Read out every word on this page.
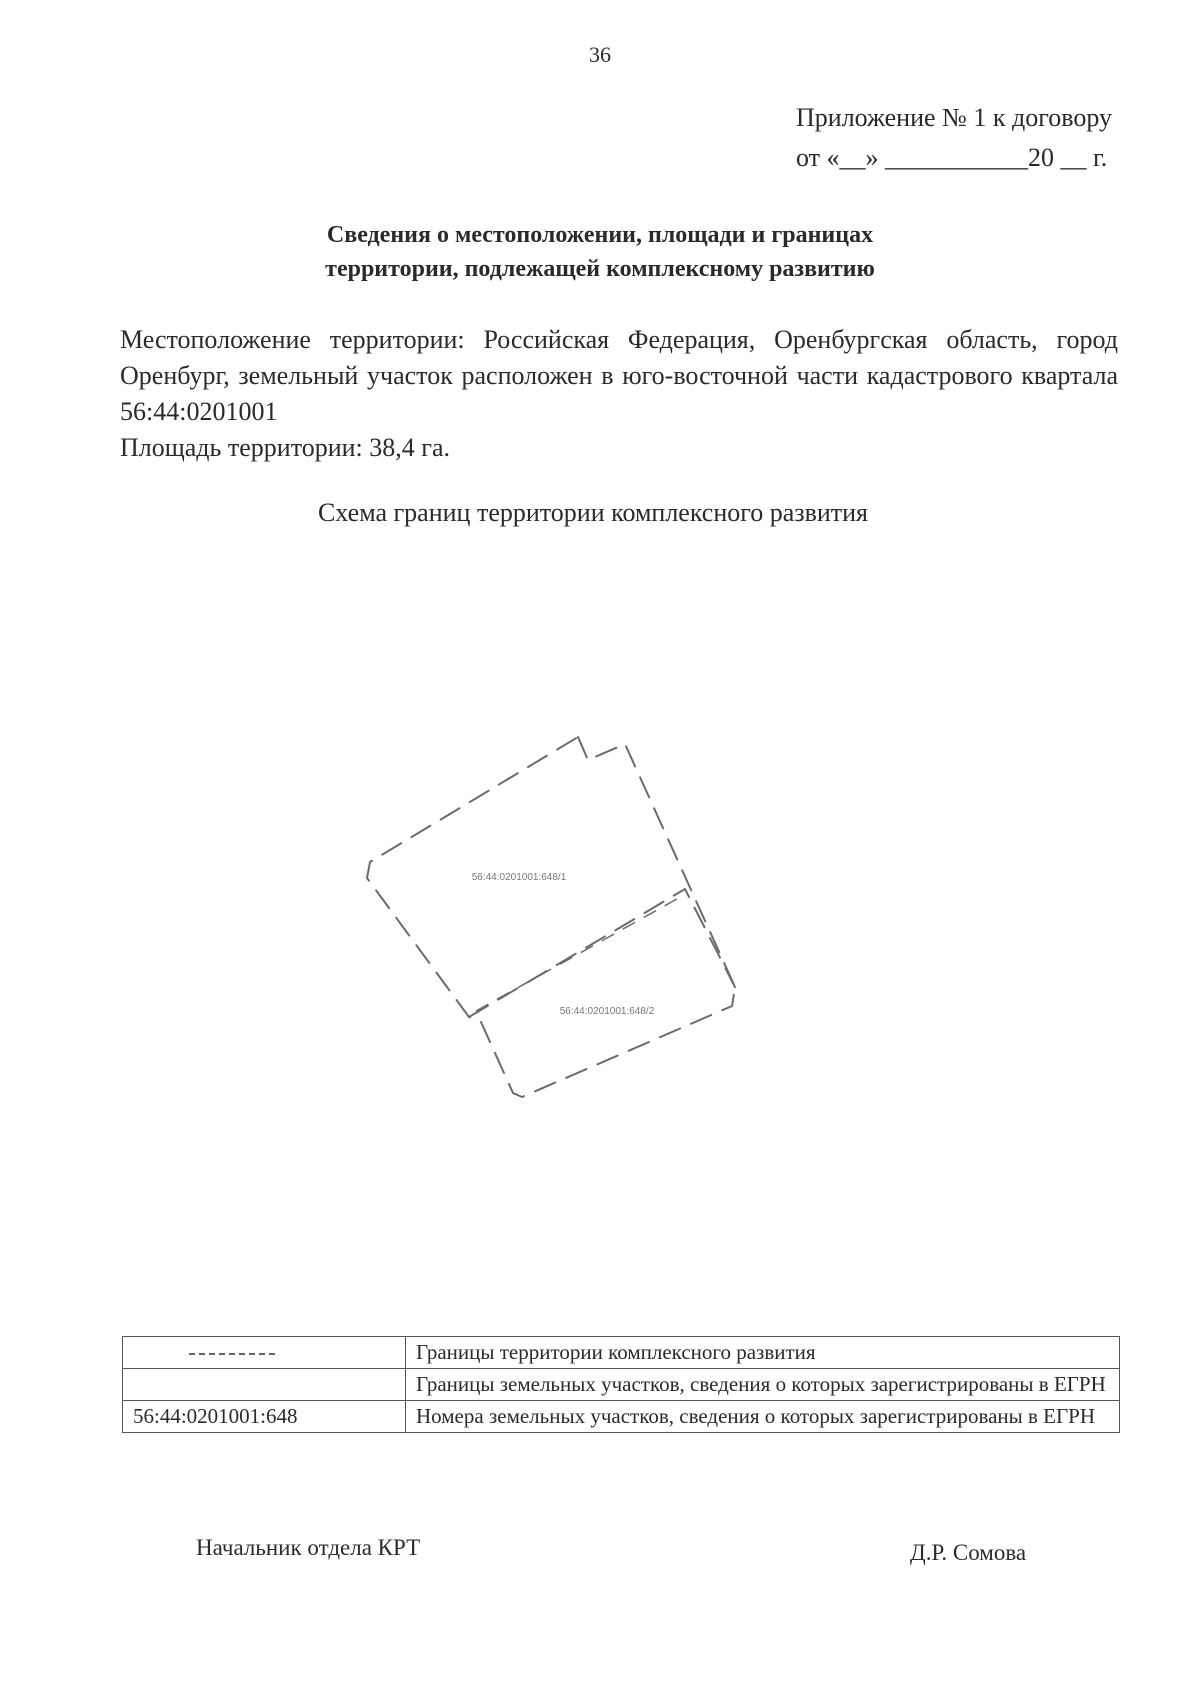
36
Приложение № 1 к договору
от «__» ___________20 __ г.
Сведения о местоположении, площади и границах
территории, подлежащей комплексному развитию

Местоположение территории: Российская Федерация, Оренбургская область, город Оренбург, земельный участок расположен в юго-восточной части кадастрового квартала 56:44:0201001

Площадь территории: 38,4 га.

Схема границ территории комплексного развития
56:44:0201001:648/1
56:44:0201001:648/2
	Границы территории комплексного развития
	Границы земельных участков, сведения о которых зарегистрированы в ЕГРН
56:44:0201001:648	Номера земельных участков, сведения о которых зарегистрированы в ЕГРН
Начальник отдела КРТ	Д.Р. Сомова
